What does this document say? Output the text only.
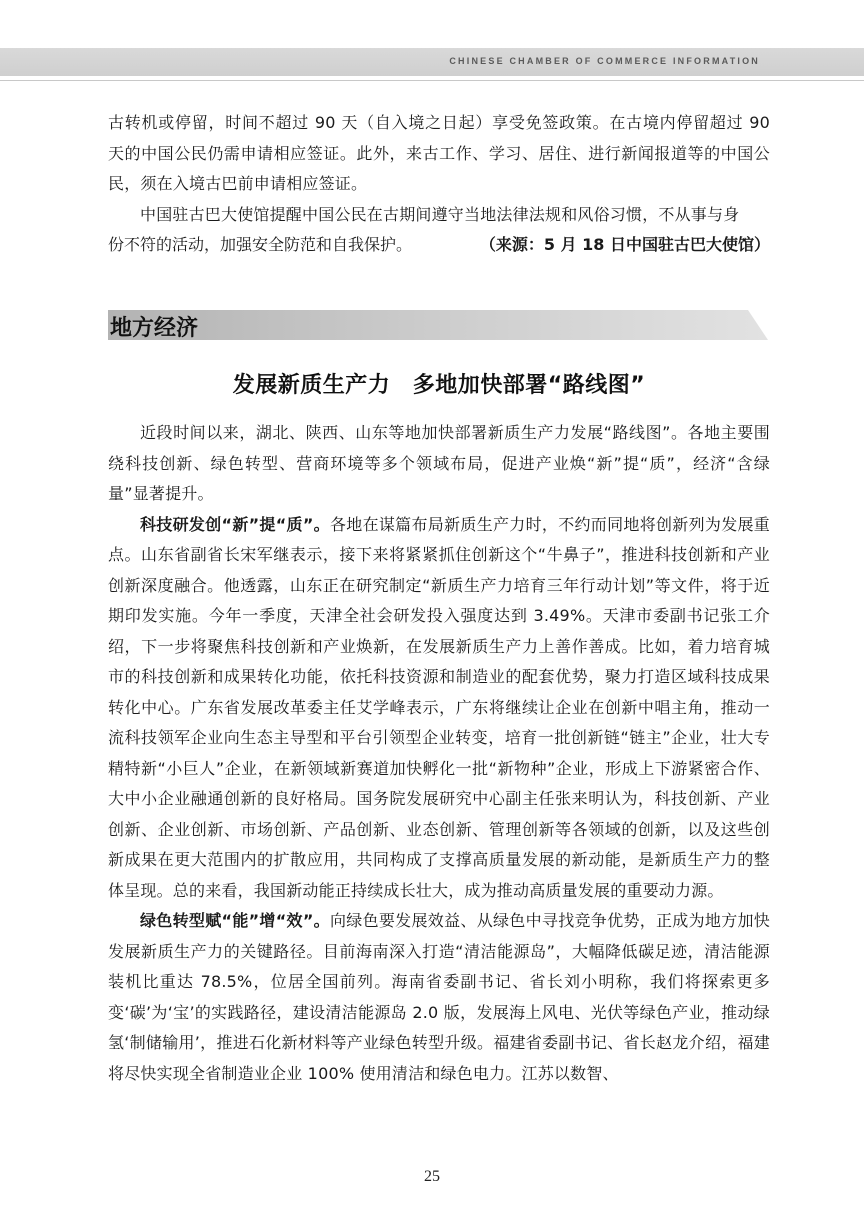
CHINESE CHAMBER OF COMMERCE INFORMATION

古转机或停留，时间不超过 90 天（自入境之日起）享受免签政策。在古境内停留超过 90 天的中国公民仍需申请相应签证。此外，来古工作、学习、居住、进行新闻报道等的中国公民，须在入境古巴前申请相应签证。

中国驻古巴大使馆提醒中国公民在古期间遵守当地法律法规和风俗习惯，不从事与身

份不符的活动，加强安全防范和自我保护。	（来源：5 月 18 日中国驻古巴大使馆）
地方经济
发展新质生产力　多地加快部署“路线图”

近段时间以来，湖北、陕西、山东等地加快部署新质生产力发展“路线图”。各地主要围绕科技创新、绿色转型、营商环境等多个领域布局，促进产业焕“新”提“质”，经济“含绿量”显著提升。

科技研发创“新”提“质”。各地在谋篇布局新质生产力时，不约而同地将创新列为发展重点。山东省副省长宋军继表示，接下来将紧紧抓住创新这个“牛鼻子”，推进科技创新和产业创新深度融合。他透露，山东正在研究制定“新质生产力培育三年行动计划”等文件，将于近期印发实施。今年一季度，天津全社会研发投入强度达到 3.49%。天津市委副书记张工介绍，下一步将聚焦科技创新和产业焕新，在发展新质生产力上善作善成。比如，着力培育城市的科技创新和成果转化功能，依托科技资源和制造业的配套优势，聚力打造区域科技成果转化中心。广东省发展改革委主任艾学峰表示，广东将继续让企业在创新中唱主角，推动一流科技领军企业向生态主导型和平台引领型企业转变，培育一批创新链“链主”企业，壮大专精特新“小巨人”企业，在新领域新赛道加快孵化一批“新物种”企业，形成上下游紧密合作、大中小企业融通创新的良好格局。国务院发展研究中心副主任张来明认为，科技创新、产业创新、企业创新、市场创新、产品创新、业态创新、管理创新等各领域的创新，以及这些创新成果在更大范围内的扩散应用，共同构成了支撑高质量发展的新动能，是新质生产力的整体呈现。总的来看，我国新动能正持续成长壮大，成为推动高质量发展的重要动力源。

绿色转型赋“能”增“效”。向绿色要发展效益、从绿色中寻找竞争优势，正成为地方加快发展新质生产力的关键路径。目前海南深入打造“清洁能源岛”，大幅降低碳足迹，清洁能源装机比重达 78.5%，位居全国前列。海南省委副书记、省长刘小明称，我们将探索更多变‘碳’为‘宝’的实践路径，建设清洁能源岛 2.0 版，发展海上风电、光伏等绿色产业，推动绿氢‘制储输用’，推进石化新材料等产业绿色转型升级。福建省委副书记、省长赵龙介绍，福建将尽快实现全省制造业企业 100% 使用清洁和绿色电力。江苏以数智、

25
